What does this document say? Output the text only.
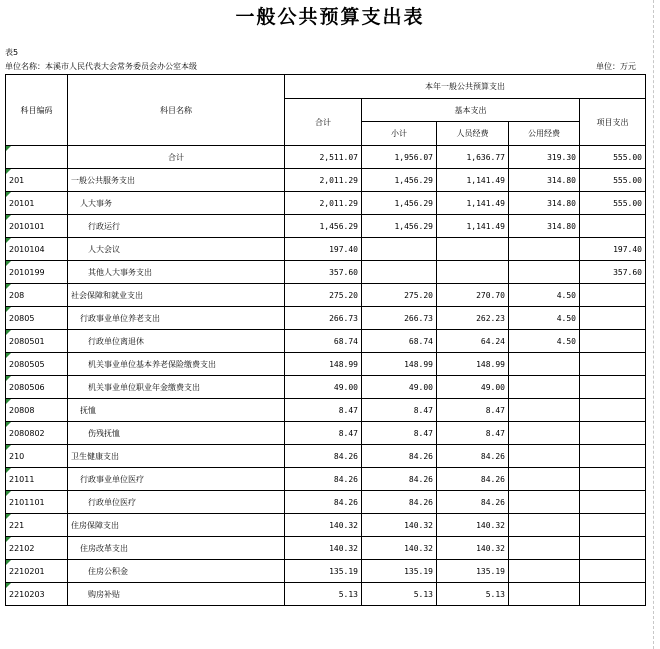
一般公共预算支出表
表5
单位名称：本溪市人民代表大会常务委员会办公室本级	单位：万元
科目编码	科目名称	本年一般公共预算支出				
		合计	基本支出			项目支出
			小计	人员经费	公用经费	
	合计	2,511.07	1,956.07	1,636.77	319.30	555.00
201	一般公共服务支出	2,011.29	1,456.29	1,141.49	314.80	555.00
20101	人大事务	2,011.29	1,456.29	1,141.49	314.80	555.00
2010101	行政运行	1,456.29	1,456.29	1,141.49	314.80	
2010104	人大会议	197.40				197.40
2010199	其他人大事务支出	357.60				357.60
208	社会保障和就业支出	275.20	275.20	270.70	4.50	
20805	行政事业单位养老支出	266.73	266.73	262.23	4.50	
2080501	行政单位离退休	68.74	68.74	64.24	4.50	
2080505	机关事业单位基本养老保险缴费支出	148.99	148.99	148.99		
2080506	机关事业单位职业年金缴费支出	49.00	49.00	49.00		
20808	抚恤	8.47	8.47	8.47		
2080802	伤残抚恤	8.47	8.47	8.47		
210	卫生健康支出	84.26	84.26	84.26		
21011	行政事业单位医疗	84.26	84.26	84.26		
2101101	行政单位医疗	84.26	84.26	84.26		
221	住房保障支出	140.32	140.32	140.32		
22102	住房改革支出	140.32	140.32	140.32		
2210201	住房公积金	135.19	135.19	135.19		
2210203	购房补贴	5.13	5.13	5.13		
